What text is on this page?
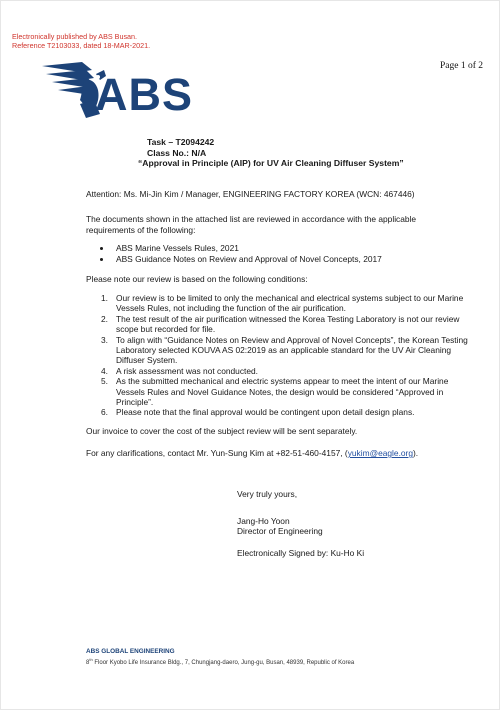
Electronically published by ABS Busan.
Reference T2103033, dated 18-MAR-2021.
Page 1 of 2
ABS
Task – T2094242
Class No.: N/A
“Approval in Principle (AIP) for UV Air Cleaning Diffuser System”
Attention: Ms. Mi-Jin Kim / Manager, ENGINEERING FACTORY KOREA (WCN: 467446)
The documents shown in the attached list are reviewed in accordance with the applicable requirements of the following:
ABS Marine Vessels Rules, 2021
ABS Guidance Notes on Review and Approval of Novel Concepts, 2017
Please note our review is based on the following conditions:
1. Our review is to be limited to only the mechanical and electrical systems subject to our Marine Vessels Rules, not including the function of the air purification.
2. The test result of the air purification witnessed the Korea Testing Laboratory is not our review scope but recorded for file.
3. To align with “Guidance Notes on Review and Approval of Novel Concepts”, the Korean Testing Laboratory selected KOUVA AS 02:2019 as an applicable standard for the UV Air Cleaning Diffuser System.
4. A risk assessment was not conducted.
5. As the submitted mechanical and electric systems appear to meet the intent of our Marine Vessels Rules and Novel Guidance Notes, the design would be considered “Approved in Principle”.
6. Please note that the final approval would be contingent upon detail design plans.
Our invoice to cover the cost of the subject review will be sent separately.
For any clarifications, contact Mr. Yun-Sung Kim at +82-51-460-4157, (yukim@eagle.org).
Very truly yours,
Jang-Ho Yoon
Director of Engineering
Electronically Signed by: Ku-Ho Ki
ABS GLOBAL ENGINEERING
8th Floor Kyobo Life Insurance Bldg., 7, Chungjang-daero, Jung-gu, Busan, 48939, Republic of Korea
